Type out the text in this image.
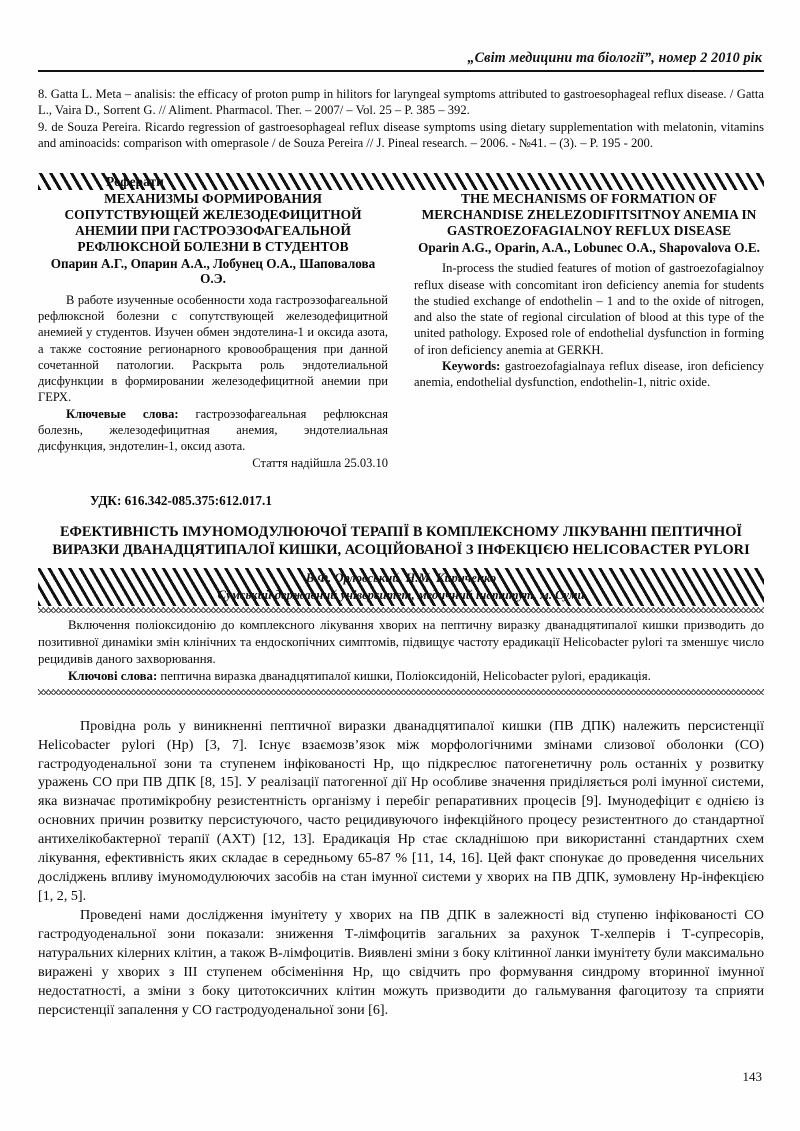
„Світ медицини та біології”, номер 2 2010 рік

8. Gatta L. Meta – analisis: the efficacy of proton pump in hilitors for laryngeal symptoms attributed to gastroesophageal reflux disease. / Gatta L., Vaira D., Sorrent G. // Aliment. Pharmacol. Ther. – 2007/ – Vol. 25 – P. 385 – 392.

9. de Souza Pereira. Ricardo regression of gastroesophageal reflux disease symptoms using dietary supplementation with melatonin, vitamins and aminoacids: comparison with omeprasole / de Souza Pereira // J. Pineal research. – 2006. - №41. – (3). – P. 195 - 200.

Реферати
МЕХАНИЗМЫ ФОРМИРОВАНИЯ СОПУТСТВУЮЩЕЙ ЖЕЛЕЗОДЕФИЦИТНОЙ АНЕМИИ ПРИ ГАСТРОЭЗОФАГЕАЛЬНОЙ РЕФЛЮКСНОЙ БОЛЕЗНИ В СТУДЕНТОВ
Опарин А.Г., Опарин А.А., Лобунец О.А., Шаповалова О.Э.

В работе изученные особенности хода гастроэзофагеальной рефлюксной болезни с сопутствующей железодефицитной анемией у студентов. Изучен обмен эндотелина-1 и оксида азота, а также состояние регионарного кровообращения при данной сочетанной патологии. Раскрыта роль эндотелиальной дисфункции в формировании железодефицитной анемии при ГЕРХ.

Ключевые слова: гастроэзофагеальная рефлюксная болезнь, железодефицитная анемия, эндотелиальная дисфункция, эндотелин-1, оксид азота.

Стаття надійшла 25.03.10
THE MECHANISMS OF FORMATION OF MERCHANDISE ZHELEZODIFITSITNOY ANEMIA IN GASTROEZOFAGIALNOY REFLUX DISEASE
Oparin A.G., Oparin, A.A., Lobunec O.A., Shapovalova O.E.

In-process the studied features of motion of gastroezofagialnoy reflux disease with concomitant iron deficiency anemia for students the studied exchange of endothelin – 1 and to the oxide of nitrogen, and also the state of regional circulation of blood at this type of the united pathology. Exposed role of endothelial dysfunction in forming of iron deficiency anemia at GERKH.

Keywords: gastroezofagialnaya reflux disease, iron deficiency anemia, endothelial dysfunction, endothelin-1, nitric oxide.

УДК: 616.342-085.375:612.017.1
ЕФЕКТИВНІСТЬ ІМУНОМОДУЛЮЮЧОЇ ТЕРАПІЇ В КОМПЛЕКСНОМУ ЛІКУВАННІ ПЕПТИЧНОЇ ВИРАЗКИ ДВАНАДЦЯТИПАЛОЇ КИШКИ, АСОЦІЙОВАНОЇ З ІНФЕКЦІЄЮ HELICOBACTER PYLORI
В.Ф. Орловський, Н.М. Кириченко
Сумський державний університет, медичний інститут, м. Суми

Включення поліоксидонію до комплексного лікування хворих на пептичну виразку дванадцятипалої кишки призводить до позитивної динаміки змін клінічних та ендоскопічних симптомів, підвищує частоту ерадикації Helicobacter pylori та зменшує число рецидивів даного захворювання.

Ключові слова: пептична виразка дванадцятипалої кишки, Поліоксидоній, Helicobacter pylori, ерадикація.

Провідна роль у виникненні пептичної виразки дванадцятипалої кишки (ПВ ДПК) належить персистенції Helicobacter pylori (Hp) [3, 7]. Існує взаємозв’язок між морфологічними змінами слизової оболонки (СО) гастродуоденальної зони та ступенем інфікованості Нр, що підкреслює патогенетичну роль останніх у розвитку уражень СО при ПВ ДПК [8, 15]. У реалізації патогенної дії Нр особливе значення приділяється ролі імунної системи, яка визначає протимікробну резистентність організму і перебіг репаративних процесів [9]. Імунодефіцит є однією із основних причин розвитку персистуючого, часто рецидивуючого інфекційного процесу резистентного до стандартної антихелікобактерної терапії (АХТ) [12, 13]. Ерадикація Нр стає складнішою при використанні стандартних схем лікування, ефективність яких складає в середньому 65-87 % [11, 14, 16]. Цей факт спонукає до проведення чисельних досліджень впливу імуномодулюючих засобів на стан імунної системи у хворих на ПВ ДПК, зумовлену Нр-інфекцією [1, 2, 5].

Проведені нами дослідження імунітету у хворих на ПВ ДПК в залежності від ступеню інфікованості СО гастродуоденальної зони показали: зниження Т-лімфоцитів загальних за рахунок Т-хелперів і Т-супресорів, натуральних кілерних клітин, а також В-лімфоцитів. Виявлені зміни з боку клітинної ланки імунітету були максимально виражені у хворих з ІІІ ступенем обсіменіння Нр, що свідчить про формування синдрому вторинної імунної недостатності, а зміни з боку цитотоксичних клітин можуть призводити до гальмування фагоцитозу та сприяти персистенції запалення у СО гастродуоденальної зони [6].

143
